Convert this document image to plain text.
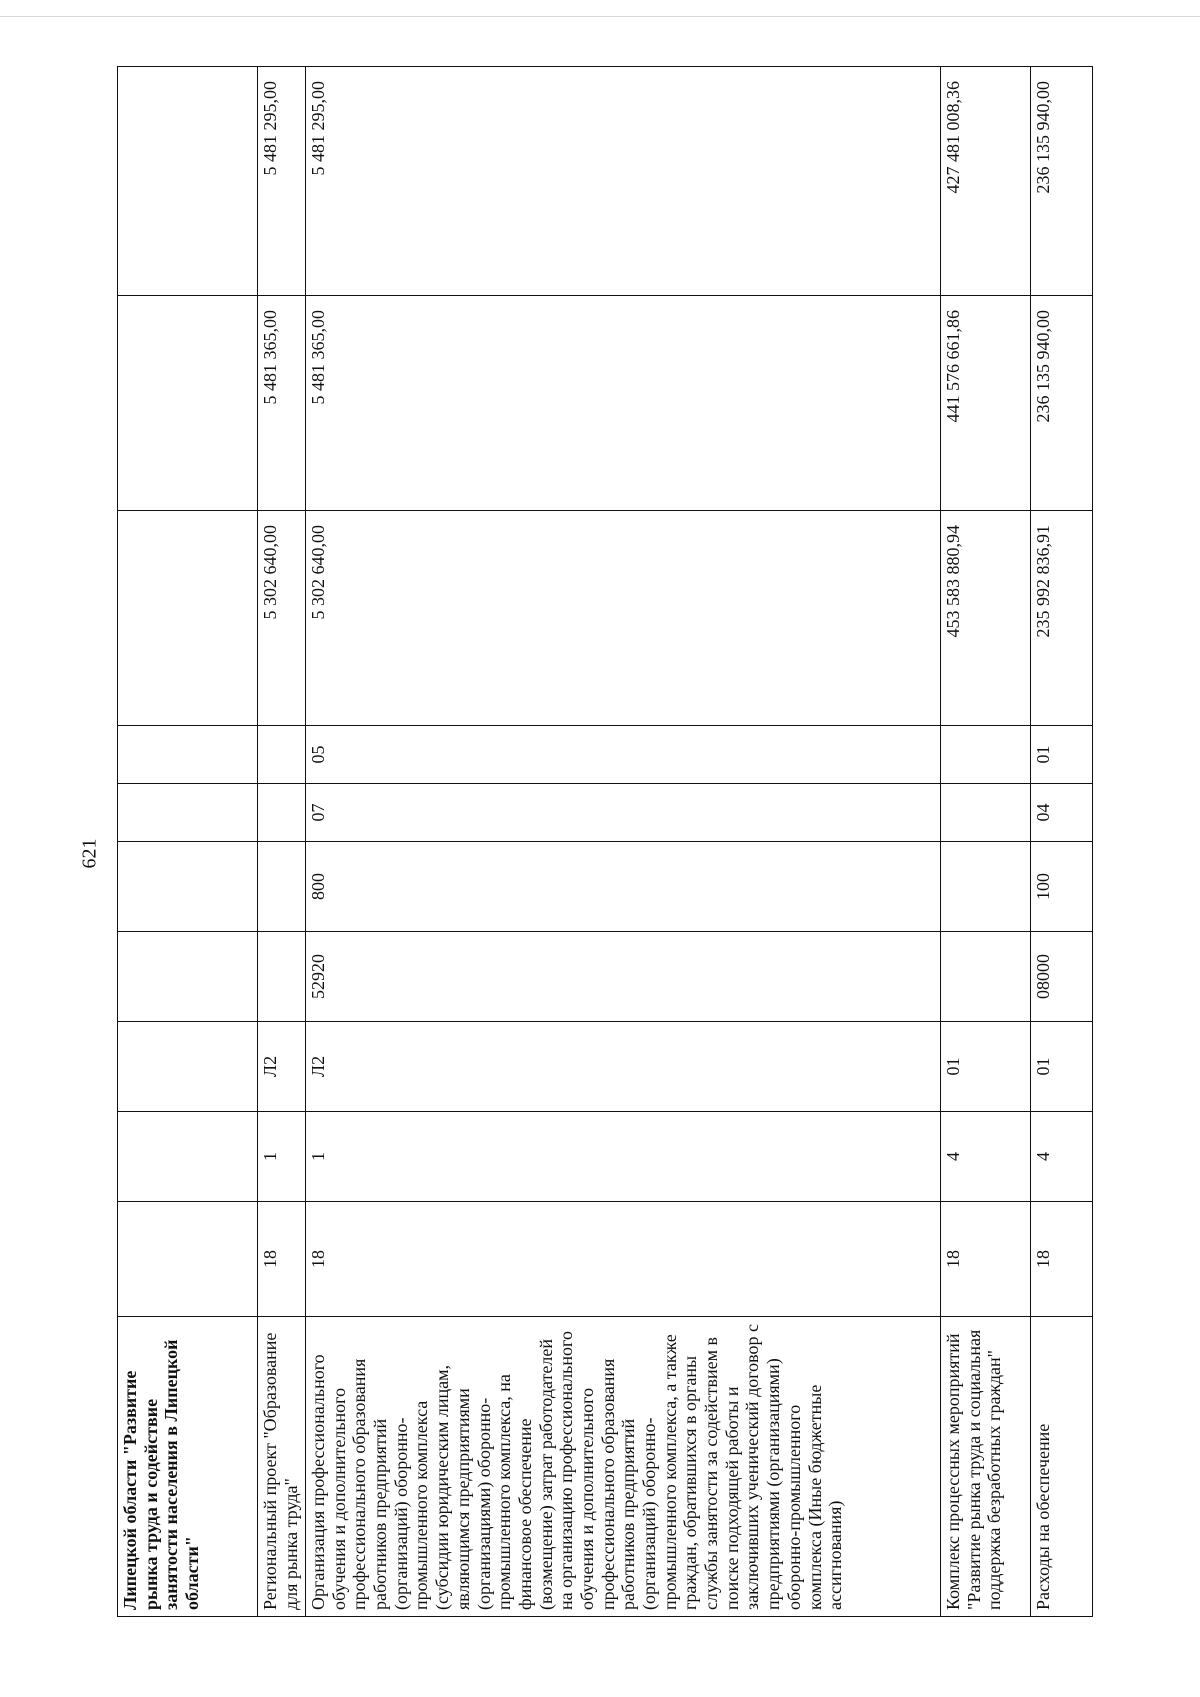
621
Липецкой области "Развитие рынка труда и содействие занятости населения в Липецкой области"										
Региональный проект "Образование для рынка труда"	18	1	Л2					5 302 640,00	5 481 365,00	5 481 295,00
Организация профессионального обучения и дополнительного профессионального образования работников предприятий (организаций) оборонно-промышленного комплекса (субсидии юридическим лицам, являющимся предприятиями (организациями) оборонно-промышленного комплекса, на финансовое обеспечение (возмещение) затрат работодателей на организацию профессионального обучения и дополнительного профессионального образования работников предприятий (организаций) оборонно-промышленного комплекса, а также граждан, обратившихся в органы службы занятости за содействием в поиске подходящей работы и заключивших ученический договор с предприятиями (организациями) оборонно-промышленного комплекса (Иные бюджетные ассигнования)	18	1	Л2	52920	800	07	05	5 302 640,00	5 481 365,00	5 481 295,00
Комплекс процессных мероприятий "Развитие рынка труда и социальная поддержка безработных граждан"	18	4	01					453 583 880,94	441 576 661,86	427 481 008,36
Расходы на обеспечение	18	4	01	08000	100	04	01	235 992 836,91	236 135 940,00	236 135 940,00
